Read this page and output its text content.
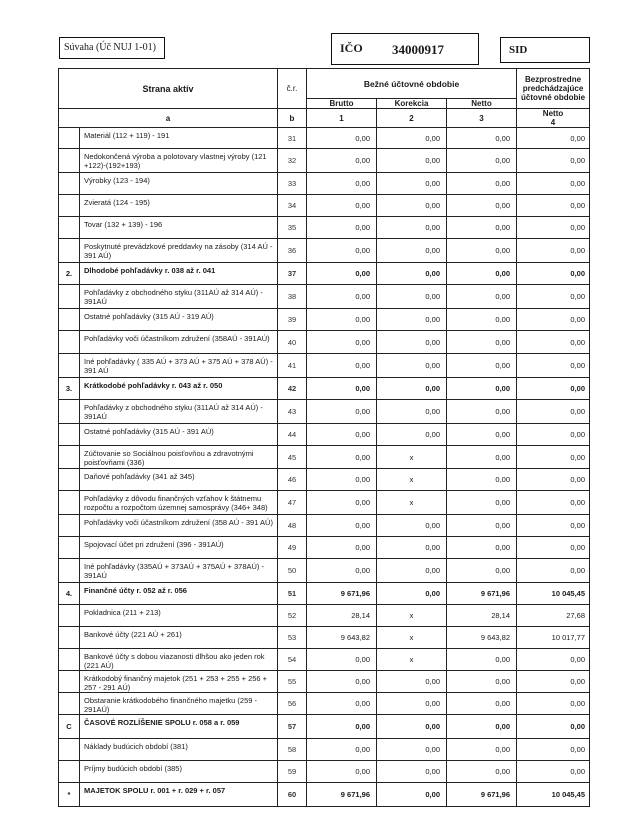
Súvaha (Úč NUJ 1-01)	IČO 34000917	SID
Strana aktív		č.r.	Bežné účtovné obdobie			Bezprostredne predchádzajúce účtovné obdobie
			Brutto	Korekcia	Netto	
a		b	1	2	3	Netto
4

	Materiál (112 + 119) - 191	31	0,00	0,00	0,00	0,00

	Nedokončená výroba a polotovary vlastnej výroby (121 +122)-(192+193)	32	0,00	0,00	0,00	0,00

	Výrobky (123 - 194)	33	0,00	0,00	0,00	0,00

	Zvieratá (124 - 195)	34	0,00	0,00	0,00	0,00

	Tovar (132 + 139) - 196	35	0,00	0,00	0,00	0,00

	Poskytnuté prevádzkové preddavky na zásoby (314 AÚ - 391 AÚ)	36	0,00	0,00	0,00	0,00

2.	Dlhodobé pohľadávky r. 038 až r. 041	37	0,00	0,00	0,00	0,00

	Pohľadávky z obchodného styku (311AÚ až 314 AÚ) - 391AÚ	38	0,00	0,00	0,00	0,00

	Ostatné pohľadávky (315 AÚ - 319 AÚ)	39	0,00	0,00	0,00	0,00

	Pohľadávky voči účastníkom združení (358AÚ - 391AÚ)	40	0,00	0,00	0,00	0,00

	Iné pohľadávky ( 335 AÚ + 373 AÚ + 375 AÚ + 378 AÚ) - 391 AÚ	41	0,00	0,00	0,00	0,00

3.	Krátkodobé pohľadávky r. 043 až r. 050	42	0,00	0,00	0,00	0,00

	Pohľadávky z obchodného styku (311AÚ až 314 AÚ) - 391AÚ	43	0,00	0,00	0,00	0,00

	Ostatné pohľadávky (315 AÚ - 391 AÚ)	44	0,00	0,00	0,00	0,00

	Zúčtovanie so Sociálnou poisťovňou a zdravotnými poisťovňami (336)	45	0,00	x	0,00	0,00

	Daňové pohľadávky (341 až 345)	46	0,00	x	0,00	0,00

	Pohľadávky z dôvodu finančných vzťahov k štátnemu rozpočtu a rozpočtom územnej samosprávy (346+ 348)	47	0,00	x	0,00	0,00

	Pohľadávky voči účastníkom združení (358 AÚ - 391 AÚ)	48	0,00	0,00	0,00	0,00

	Spojovací účet pri združení (396 - 391AÚ)	49	0,00	0,00	0,00	0,00

	Iné pohľadávky (335AÚ + 373AÚ + 375AÚ + 378AÚ) - 391AÚ	50	0,00	0,00	0,00	0,00

4.	Finančné účty r. 052 až r. 056	51	9 671,96	0,00	9 671,96	10 045,45

	Pokladnica (211 + 213)	52	28,14	x	28,14	27,68

	Bankové účty (221 AÚ + 261)	53	9 643,82	x	9 643,82	10 017,77

	Bankové účty s dobou viazanosti dlhšou ako jeden rok (221 AÚ)	54	0,00	x	0,00	0,00

	Krátkodobý finančný majetok (251 + 253 + 255 + 256 + 257 - 291 AÚ)	55	0,00	0,00	0,00	0,00

	Obstaranie krátkodobého finančného majetku (259 - 291AÚ)	56	0,00	0,00	0,00	0,00

C	ČASOVÉ ROZLÍŠENIE SPOLU r. 058 a r. 059	57	0,00	0,00	0,00	0,00

	Náklady budúcich období (381)	58	0,00	0,00	0,00	0,00

	Príjmy budúcich období (385)	59	0,00	0,00	0,00	0,00

*	MAJETOK SPOLU r. 001 + r. 029 + r. 057	60	9 671,96	0,00	9 671,96	10 045,45
